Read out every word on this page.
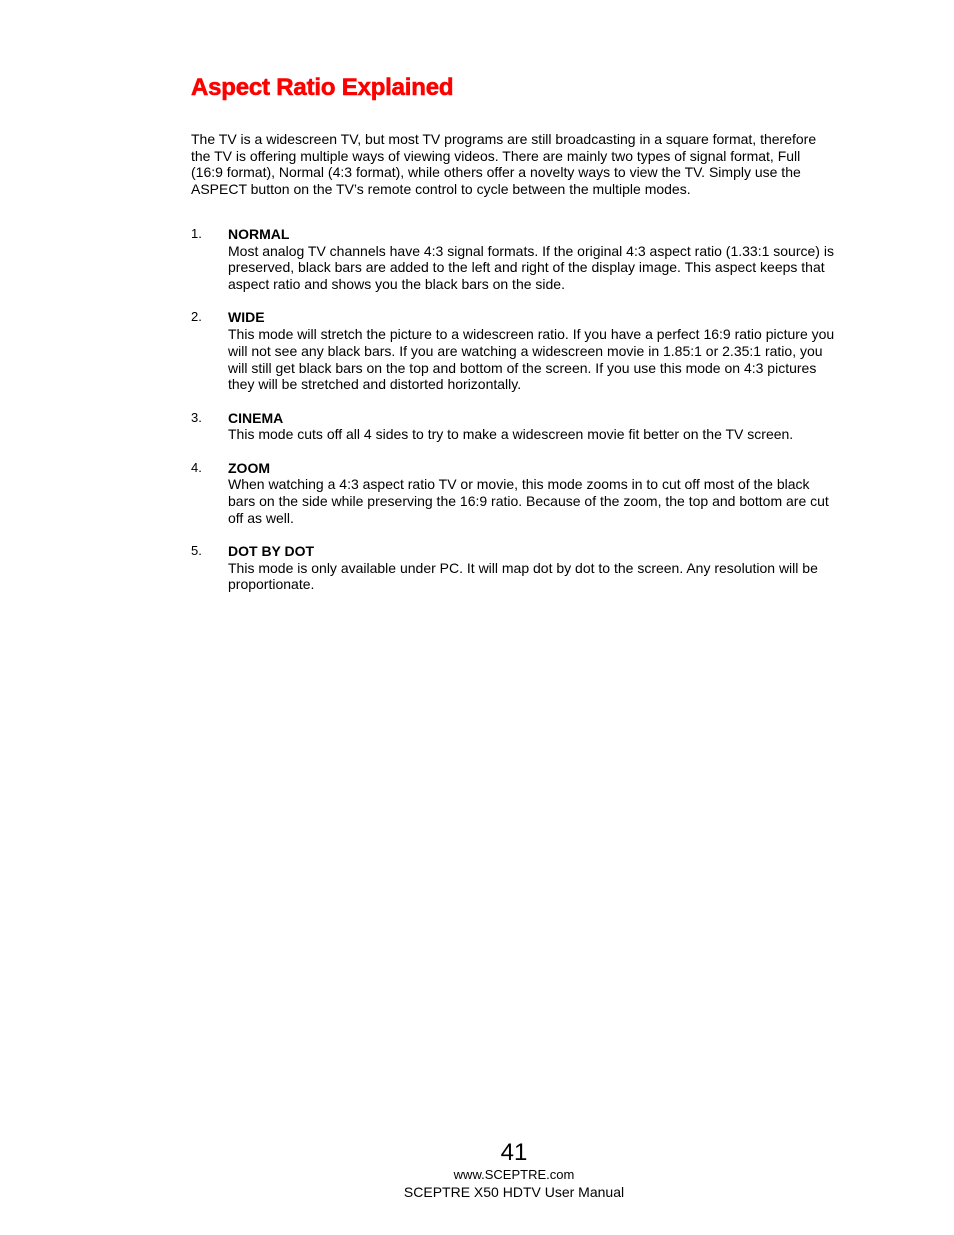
Aspect Ratio Explained

The TV is a widescreen TV, but most TV programs are still broadcasting in a square format, therefore the TV is offering multiple ways of viewing videos. There are mainly two types of signal format, Full (16:9 format), Normal (4:3 format), while others offer a novelty ways to view the TV. Simply use the ASPECT button on the TV’s remote control to cycle between the multiple modes.

1. NORMAL
Most analog TV channels have 4:3 signal formats. If the original 4:3 aspect ratio (1.33:1 source) is preserved, black bars are added to the left and right of the display image. This aspect keeps that aspect ratio and shows you the black bars on the side.
2. WIDE
This mode will stretch the picture to a widescreen ratio. If you have a perfect 16:9 ratio picture you will not see any black bars. If you are watching a widescreen movie in 1.85:1 or 2.35:1 ratio, you will still get black bars on the top and bottom of the screen. If you use this mode on 4:3 pictures they will be stretched and distorted horizontally.
3. CINEMA
This mode cuts off all 4 sides to try to make a widescreen movie fit better on the TV screen.
4. ZOOM
When watching a 4:3 aspect ratio TV or movie, this mode zooms in to cut off most of the black bars on the side while preserving the 16:9 ratio. Because of the zoom, the top and bottom are cut off as well.
5. DOT BY DOT
This mode is only available under PC. It will map dot by dot to the screen. Any resolution will be proportionate.
41
www.SCEPTRE.com
SCEPTRE X50 HDTV User Manual
